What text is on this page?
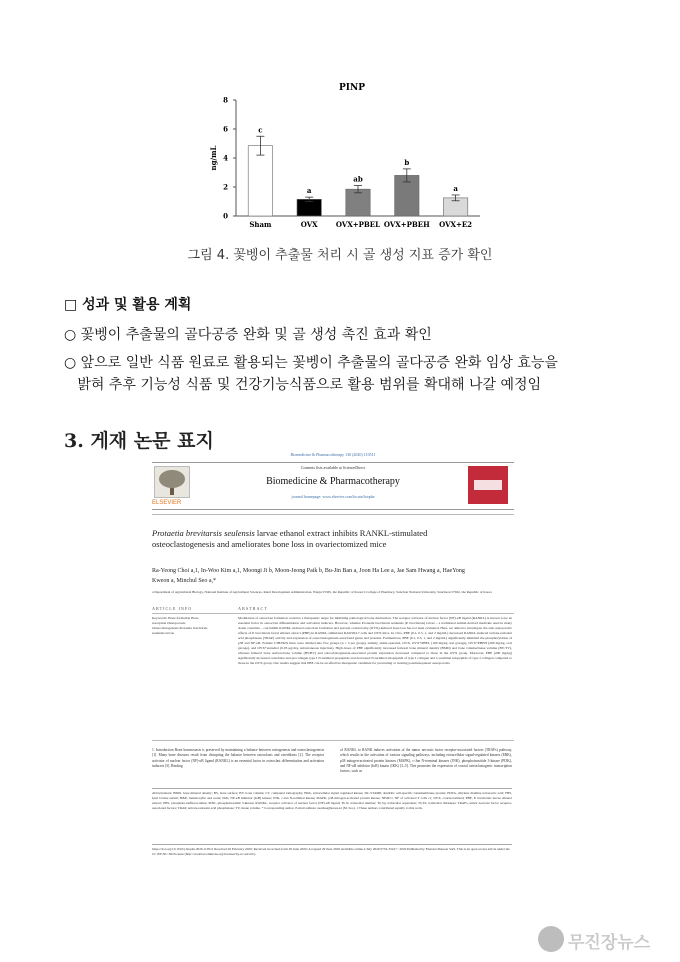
PINP
ng/mL
0
2
4
6
8
c
Sham
a
OVX
ab
OVX+PBEL
b
OVX+PBEH
a
OVX+E2
그림 4. 꽃벵이 추출물 처리 시 골 생성 지표 증가 확인
□ 성과 및 활용 계획
○ 꽃벵이 추출물의 골다공증 완화 및 골 생성 촉진 효과 확인
○ 앞으로 일반 식품 원료로 활용되는 꽃벵이 추출물의 골다공증 완화 임상 효능을
밝혀 추후 기능성 식품 및 건강기능식품으로 활용 범위를 확대해 나갈 예정임
3. 게재 논문 표지
Biomedicine & Pharmacotherapy 130 (2020) 110511
ELSEVIER
Contents lists available at ScienceDirect
Biomedicine & Pharmacotherapy
journal homepage: www.elsevier.com/locate/biopha
Protaetia brevitarsis seulensis larvae ethanol extract inhibits RANKL-stimulated osteoclastogenesis and ameliorates bone loss in ovariectomized mice
Ra-Yeong Choi a,1, In-Woo Kim a,1, Moongi Ji b, Moon-Jeong Paik b, Bu-Jin Ban a, Joon Ha Lee a, Jae Sam Hwang a, HaeYong Kweon a, Minchul Seo a,*
a Department of Agricultural Biology, National Institute of Agricultural Sciences, Rural Development Administration, Wanju 55365, the Republic of Korea b College of Pharmacy, Sunchon National University, Suncheon 57922, the Republic of Korea
ARTICLE INFO	ABSTRACT
Keywords: Bone formation Bone resorption Osteoporosis Osteoclastogenesis Protaetia brevitarsis seulensis larvae
Modulation of osteoclast formation could be a therapeutic target for inhibiting pathological bone destruction. The receptor activator of nuclear factor (NF)-κB ligand (RANKL) is known to be an essential factor in osteoclast differentiation and activation inducers. However, whether Protaetia brevitarsis seulensis (P. brevitarsis) larvae – a traditional animal-derived medicine used in many Asian countries – can inhibit RANKL-induced osteoclast formation and prevent ovariectomy (OVX)-induced bone loss has not been evaluated. Here, we aimed to investigate the anti-osteoporotic effects of P. brevitarsis larval ethanol extract (PBE) in RANKL-stimulated RAW264.7 cells and OVX mice. In vitro, PBE (0.1, 0.5, 1, and 2 mg/mL) decreased RANKL-induced tartrate-resistant acid phosphatase (TRAP) activity and expression of osteoclastogenesis-associated genes and proteins. Furthermore, PBE (0.1, 0.5, 1, and 2 mg/mL) significantly inhibited the phosphorylation of p38 and NF-κB. Female C3H/HeN mice were divided into five groups (n = 5 per group), namely, sham-operated, OVX, OVX+PBEL (100 mg/kg oral gavage), OVX+PBEH (200 mg/kg, oral gavage), and OVX+estradiol (0.03 μg/day, subcutaneous injection). High doses of PBE significantly increased femoral bone mineral density (BMD) and bone volume/tissue volume (BV/TV), whereas femoral bone surface/bone volume (BS/BV) and osteoclastogenesis-associated protein expression decreased compared to those in the OVX group. Moreover, PBE (200 mg/kg) significantly increased osteoblast and procollagen type I N-terminal propeptide and decreased N-terminal telopeptide of type I collagen and C-terminal telopeptide of type I collagen compared to those in the OVX group. Our results suggest that PBE can be an effective therapeutic candidate for preventing or treating postmenopausal osteoporosis.
1. Introduction Bone homeostasis is preserved by maintaining a balance between osteogenesis and osteoclastogenesis [1]. Many bone diseases result from disrupting the balance between osteoclasts and osteoblasts [2]. The receptor activator of nuclear factor (NF)-κB ligand (RANKL) is an essential factor in osteoclast differentiation and activation inducers [3]. Binding
of RANKL to RANK induces activation of the tumor necrosis factor receptor-associated factors (TRAFs) pathway, which results in the activation of various signaling pathways, including extracellular signal-regulated kinases (ERK), p38 mitogen-activated protein kinases (MAPK), c-Jun N-terminal kinases (JNK), phosphoinositide 3-kinase (PI3K), and NF-κB inhibitor (IκB) kinase (IKK) [3–5]. This promotes the expression of crucial osteoclastogenic transcription factors, such as
Abbreviations: BMD, bone mineral density; BS, bone surface; BV, bone volume; CT, computed tomography; ERK, extracellular signal regulated kinase; DC-STAMP, dendritic cell-specific transmembrane protein; EDTA, ethylene diamine tetraacetic acid; FBS, fetal bovine serum; H&E, hematoxylin and eosin; IKK, NF-κB inhibitor (IκB) kinase; JNK, c-Jun N-terminal kinase; MAPK, p38 mitogen-activated protein kinase; NFATc1, NF of activated T cells c1; OVX, ovariectomized; PBE, P. brevitarsis larvae ethanol extract; PBS, phosphate-buffered saline; PI3K, phosphoinositide 3-kinase; RANKL, receptor activator of nuclear factor (NF)-κB ligand; Tb.N, trabecular number; Tb.Sp, trabecular separation; Tb.Th, trabecular thickness; TRAFs, tumor necrosis factor receptor-associated factors; TRAP, tartrate-resistant acid phosphatase; TV, tissue volume. * Corresponding author. E-mail address: suamsu@korea.kr (M. Seo). 1 These authors contributed equally to this work.
https://doi.org/10.1016/j.biopha.2020.110511 Received 26 February 2020; Received in revised form 29 June 2020; Accepted 29 June 2020 Available online 4 July 2020 0753-3322/© 2020 Published by Elsevier Masson SAS. This is an open access article under the CC BY-NC-ND license (http://creativecommons.org/licenses/by-nc-nd/4.0/).
무진장뉴스
